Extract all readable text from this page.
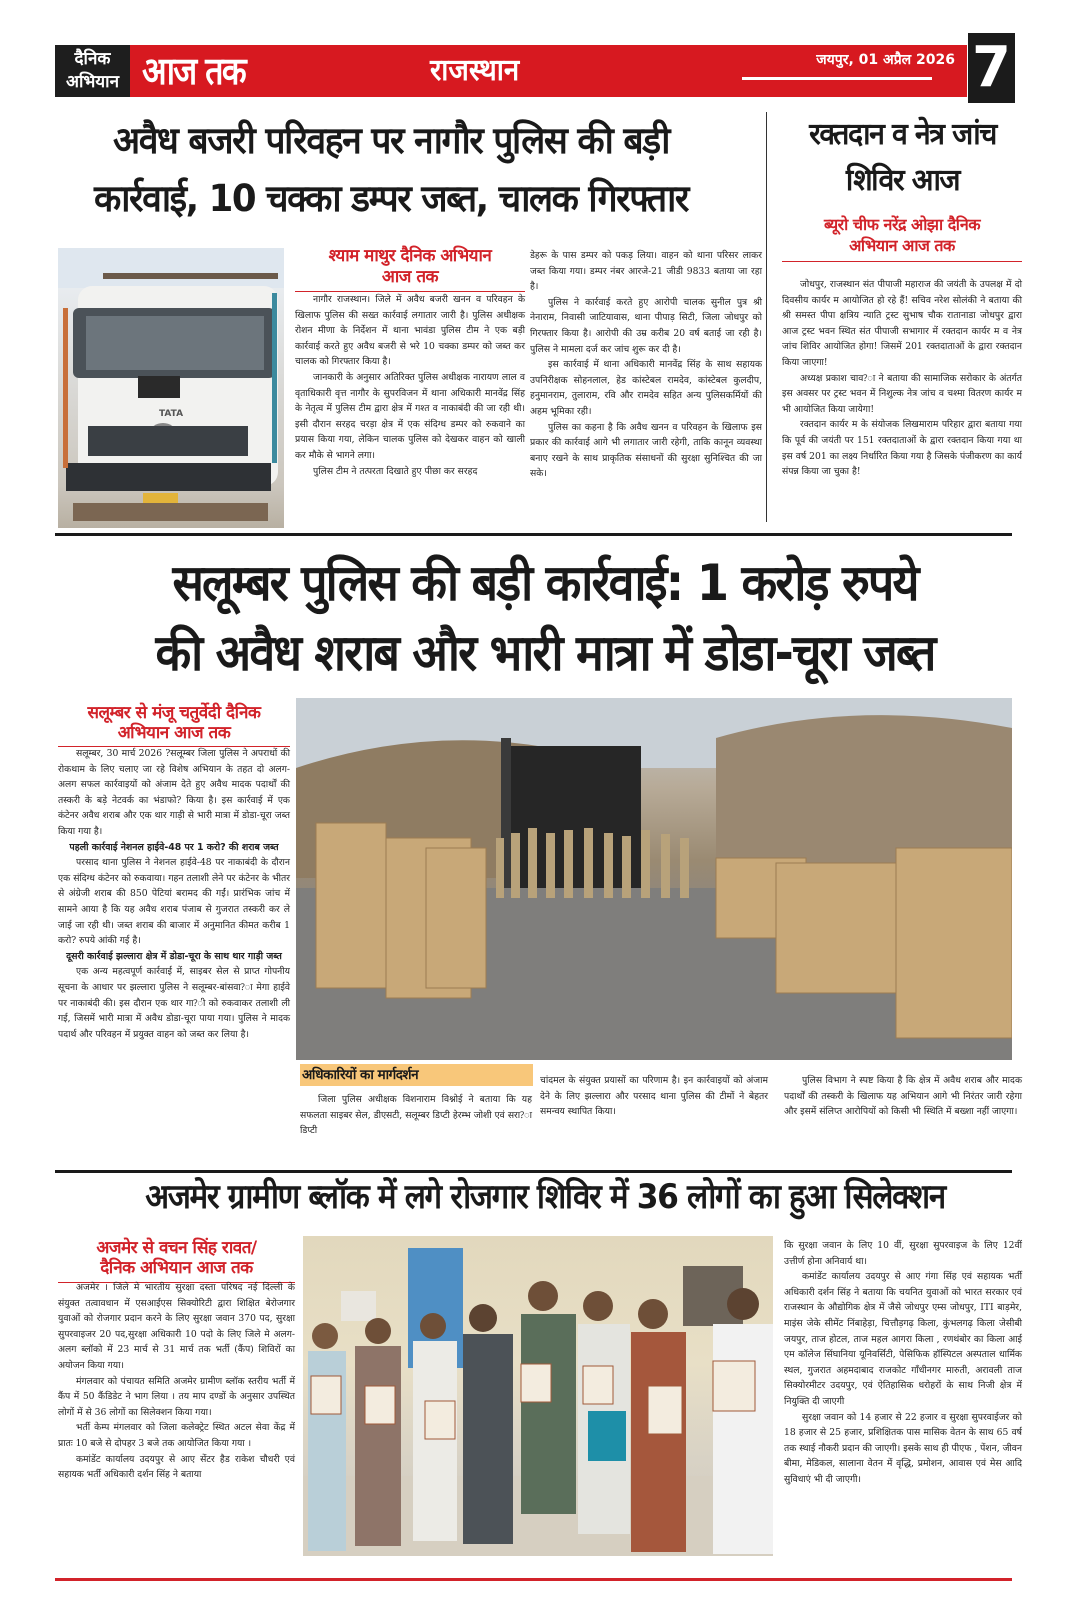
दैनिक
अभियान आज तक	राजस्थान	जयपुर, 01 अप्रैल 2026 7
अवैध बजरी परिवहन पर नागौर पुलिस की बड़ी
कार्रवाई, 10 चक्का डम्पर जब्त, चालक गिरफ्तार
TATA
श्याम माथुर दैनिक अभियान
आज तक

नागौर राजस्थान। जिले में अवैध बजरी खनन व परिवहन के खिलाफ पुलिस की सख्त कार्रवाई लगातार जारी है। पुलिस अधीक्षक रोशन मीणा के निर्देशन में थाना भावंडा पुलिस टीम ने एक बड़ी कार्रवाई करते हुए अवैध बजरी से भरे 10 चक्का डम्पर को जब्त कर चालक को गिरफ्तार किया है।

जानकारी के अनुसार अतिरिक्त पुलिस अधीक्षक नारायण लाल व वृताधिकारी वृत्त नागौर के सुपरविजन में थाना अधिकारी मानवेंद्र सिंह के नेतृत्व में पुलिस टीम द्वारा क्षेत्र में गश्त व नाकाबंदी की जा रही थी। इसी दौरान सरहद चरड़ा क्षेत्र में एक संदिग्ध डम्पर को रुकवाने का प्रयास किया गया, लेकिन चालक पुलिस को देखकर वाहन को खाली कर मौके से भागने लगा।

पुलिस टीम ने तत्परता दिखाते हुए पीछा कर सरहद

डेहरू के पास डम्पर को पकड़ लिया। वाहन को थाना परिसर लाकर जब्त किया गया। डम्पर नंबर आरजे-21 जीडी 9833 बताया जा रहा है।

पुलिस ने कार्रवाई करते हुए आरोपी चालक सुनील पुत्र श्री नेनाराम, निवासी जाटियावास, थाना पीपाड़ सिटी, जिला जोधपुर को गिरफ्तार किया है। आरोपी की उम्र करीब 20 वर्ष बताई जा रही है। पुलिस ने मामला दर्ज कर जांच शुरू कर दी है।

इस कार्रवाई में थाना अधिकारी मानवेंद्र सिंह के साथ सहायक उपनिरीक्षक सोहनलाल, हेड कांस्टेबल रामदेव, कांस्टेबल कुलदीप, हनुमानराम, तुलाराम, रवि और रामदेव सहित अन्य पुलिसकर्मियों की अहम भूमिका रही।

पुलिस का कहना है कि अवैध खनन व परिवहन के खिलाफ इस प्रकार की कार्रवाई आगे भी लगातार जारी रहेगी, ताकि कानून व्यवस्था बनाए रखने के साथ प्राकृतिक संसाधनों की सुरक्षा सुनिश्चित की जा सके।

रक्तदान व नेत्र जांच
शिविर आज
ब्यूरो चीफ नरेंद्र ओझा दैनिक
अभियान आज तक

जोधपुर, राजस्थान संत पीपाजी महाराज की जयंती के उपलक्ष में दो दिवसीय कार्यर म आयोजित हो रहे हैं! सचिव नरेश सोलंकी ने बताया की श्री समस्त पीपा क्षत्रिय न्याति ट्रस्ट सुभाष चौक रातानाडा जोधपुर द्वारा आज ट्रस्ट भवन स्थित संत पीपाजी सभागार में रक्तदान कार्यर म व नेत्र जांच शिविर आयोजित होगा! जिसमें 201 रक्तदाताओं के द्वारा रक्तदान किया जाएगा!

अध्यक्ष प्रकाश चाव?ा ने बताया की सामाजिक सरोकार के अंतर्गत इस अवसर पर ट्रस्ट भवन में निशुल्क नेत्र जांच व चश्मा वितरण कार्यर म भी आयोजित किया जायेगा!

रक्तदान कार्यर म के संयोजक लिखमाराम परिहार द्वारा बताया गया कि पूर्व की जयंती पर 151 रक्तदाताओं के द्वारा रक्तदान किया गया था इस वर्ष 201 का लक्ष्य निर्धारित किया गया है जिसके पंजीकरण का कार्य संपन्न किया जा चुका है!

सलूम्बर पुलिस की बड़ी कार्रवाई: 1 करोड़ रुपये
की अवैध शराब और भारी मात्रा में डोडा-चूरा जब्त
सलूम्बर से मंजू चतुर्वेदी दैनिक
अभियान आज तक

सलूम्बर, 30 मार्च 2026 ?सलूम्बर जिला पुलिस ने अपराधों की रोकथाम के लिए चलाए जा रहे विशेष अभियान के तहत दो अलग-अलग सफल कार्रवाइयों को अंजाम देते हुए अवैध मादक पदार्थों की तस्करी के बड़े नेटवर्क का भंडाफो? किया है। इस कार्रवाई में एक कंटेनर अवैध शराब और एक थार गाड़ी से भारी मात्रा में डोडा-चूरा जब्त किया गया है।

पहली कार्रवाई नेशनल हाईवे-48 पर 1 करो? की शराब जब्त

परसाद थाना पुलिस ने नेशनल हाईवे-48 पर नाकाबंदी के दौरान एक संदिग्ध कंटेनर को रुकवाया। गहन तलाशी लेने पर कंटेनर के भीतर से अंग्रेजी शराब की 850 पेटियां बरामद की गईं। प्रारंभिक जांच में सामने आया है कि यह अवैध शराब पंजाब से गुजरात तस्करी कर ले जाई जा रही थी। जब्त शराब की बाजार में अनुमानित कीमत करीब 1 करो? रुपये आंकी गई है।

दूसरी कार्रवाई झल्लारा क्षेत्र में डोडा-चूरा के साथ थार गाड़ी जब्त

एक अन्य महत्वपूर्ण कार्रवाई में, साइबर सेल से प्राप्त गोपनीय सूचना के आधार पर झल्लारा पुलिस ने सलूम्बर-बांसवा?ा मेगा हाईवे पर नाकाबंदी की। इस दौरान एक थार गा?ी को रुकवाकर तलाशी ली गई, जिसमें भारी मात्रा में अवैध डोडा-चूरा पाया गया। पुलिस ने मादक पदार्थ और परिवहन में प्रयुक्त वाहन को जब्त कर लिया है।

अधिकारियों का मार्गदर्शन

जिला पुलिस अधीक्षक विशनाराम विश्नोई ने बताया कि यह सफलता साइबर सेल, डीएसटी, सलूम्बर डिप्टी हेरम्भ जोशी एवं सरा?ा डिप्टी

चांदमल के संयुक्त प्रयासों का परिणाम है। इन कार्रवाइयों को अंजाम देने के लिए झल्लारा और परसाद थाना पुलिस की टीमों ने बेहतर समन्वय स्थापित किया।

पुलिस विभाग ने स्पष्ट किया है कि क्षेत्र में अवैध शराब और मादक पदार्थों की तस्करी के खिलाफ यह अभियान आगे भी निरंतर जारी रहेगा और इसमें संलिप्त आरोपियों को किसी भी स्थिति में बख्शा नहीं जाएगा।

अजमेर ग्रामीण ब्लॉक में लगे रोजगार शिविर में 36 लोगों का हुआ सिलेक्शन
अजमेर से वचन सिंह रावत/
दैनिक अभियान आज तक

अजमेर । जिले मे भारतीय सुरक्षा दस्ता परिषद नई दिल्ली के संयुक्त तत्वावधान में एसआईएस सिक्योरिटी द्वारा शिक्षित बेरोजगार युवाओं को रोजगार प्रदान करने के लिए सुरक्षा जवान 370 पद, सुरक्षा सुपरवाइजर 20 पद,सुरक्षा अधिकारी 10 पदो के लिए जिले मे अलग-अलग ब्लॉको में 23 मार्च से 31 मार्च तक भर्ती (कैंप) शिविरों का अयोजन किया गया।

मंगलवार को पंचायत समिति अजमेर ग्रामीण ब्लॉक स्तरीय भर्ती में कैंप में 50 कैंडिडेट ने भाग लिया । तय माप दण्डों के अनुसार उपस्थित लोगों में से 36 लोगों का सिलेक्शन किया गया।

भर्ती केम्प मंगलवार को जिला कलेक्ट्रेट स्थित अटल सेवा केंद्र में प्रातः 10 बजे से दोपहर 3 बजे तक आयोजित किया गया ।

कमांडेंट कार्यालय उदयपुर से आए सेंटर हैड राकेश चौधरी एवं सहायक भर्ती अधिकारी दर्शन सिंह ने बताया

कि सुरक्षा जवान के लिए 10 वीं, सुरक्षा सुपरवाइज के लिए 12वीं उत्तीर्ण होना अनिवार्य था।

कमांडेंट कार्यालय उदयपुर से आए गंगा सिंह एवं सहायक भर्ती अधिकारी दर्शन सिंह ने बताया कि चयनित युवाओं को भारत सरकार एवं राजस्थान के औद्योगिक क्षेत्र में जैसे जोधपुर एम्स जोधपुर, ITI बाड़मेर, माइंस जेके सीमेंट निंबाहेड़ा, चित्तौड़गढ़ किला, कुंभलगढ़ किला जेसीबी जयपुर, ताज होटल, ताज महल आगरा किला , रणथंबोर का किला आई एम कॉलेज सिंघानिया यूनिवर्सिटी, पेसिफिक हॉस्पिटल अस्पताल धार्मिक स्थल, गुजरात अहमदाबाद राजकोट गाँधीनगर मारुती, अरावली ताज सिक्योरमीटर उदयपुर, एवं ऐतिहासिक धरोहरों के साथ निजी क्षेत्र में नियुक्ति दी जाएगी

सुरक्षा जवान को 14 हजार से 22 हजार व सुरक्षा सुपरवाईजर को 18 हजार से 25 हजार, प्रशिक्षितक पास मासिक वेतन के साथ 65 वर्ष तक स्थाई नौकरी प्रदान की जाएगी। इसके साथ ही पीएफ , पेंशन, जीवन बीमा, मेडिकल, सालाना वेतन में वृद्धि, प्रमोशन, आवास एवं मेस आदि सुविधाएं भी दी जाएगी।
